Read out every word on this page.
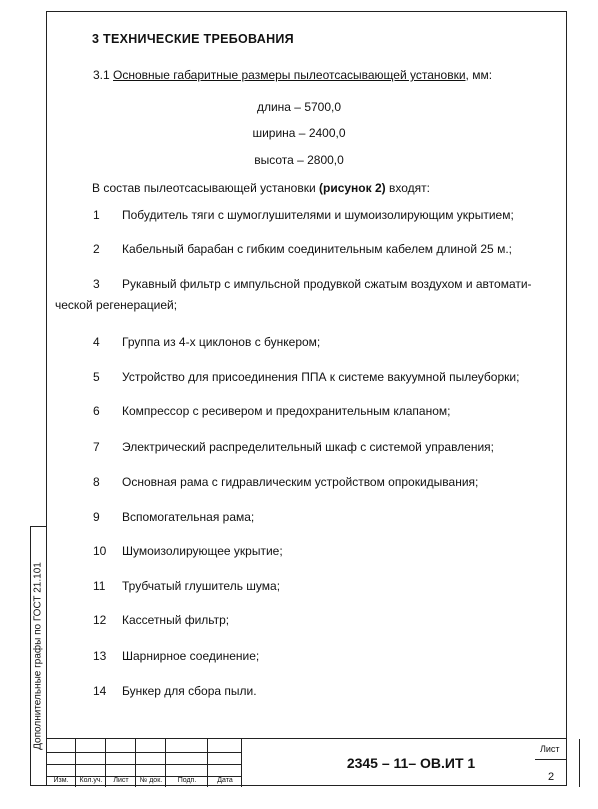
Дополнительные графы по ГОСТ 21.101
3 ТЕХНИЧЕСКИЕ ТРЕБОВАНИЯ
3.1 Основные габаритные размеры пылеотсасывающей установки, мм:
длина – 5700,0
ширина – 2400,0
высота – 2800,0
В состав пылеотсасывающей установки (рисунок 2) входят:
1 Побудитель тяги с шумоглушителями и шумоизолирующим укрытием;
2 Кабельный барабан с гибким соединительным кабелем длиной 25 м.;
3 Рукавный фильтр с импульсной продувкой сжатым воздухом и автомати-
ческой регенерацией;
4 Группа из 4-х циклонов с бункером;
5 Устройство для присоединения ППА к системе вакуумной пылеуборки;
6 Компрессор с ресивером и предохранительным клапаном;
7 Электрический распределительный шкаф с системой управления;
8 Основная рама с гидравлическим устройством опрокидывания;
9 Вспомогательная рама;
10 Шумоизолирующее укрытие;
11 Трубчатый глушитель шума;
12 Кассетный фильтр;
13 Шарнирное соединение;
14 Бункер для сбора пыли.
Изм.	Кол.уч.	Лист	№ док.	Подп.	Дата
2345 – 11– ОВ.ИТ 1
Лист
2
